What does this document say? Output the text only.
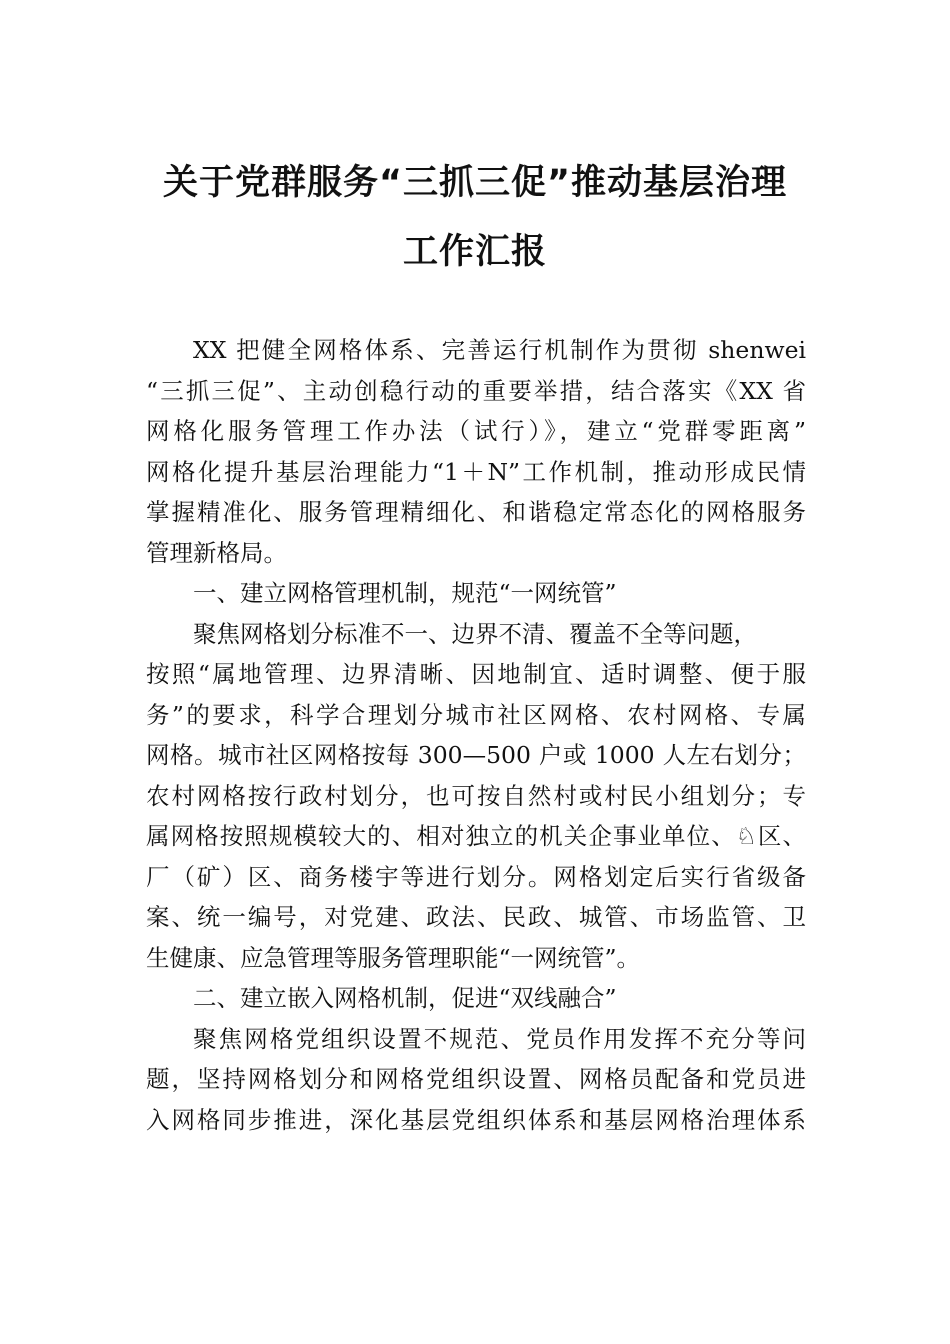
关于党群服务“三抓三促”推动基层治理
工作汇报
XX 把健全网格体系、完善运行机制作为贯彻 shenwei
“三抓三促”、主动创稳行动的重要举措，结合落实《XX 省
网格化服务管理工作办法（试行）》，建立“党群零距离”
网格化提升基层治理能力“1＋N”工作机制，推动形成民情
掌握精准化、服务管理精细化、和谐稳定常态化的网格服务
管理新格局。
一、建立网格管理机制，规范“一网统管”
聚焦网格划分标准不一、边界不清、覆盖不全等问题，
按照“属地管理、边界清晰、因地制宜、适时调整、便于服
务”的要求，科学合理划分城市社区网格、农村网格、专属
网格。城市社区网格按每 300—500 户或 1000 人左右划分；
农村网格按行政村划分，也可按自然村或村民小组划分；专
属网格按照规模较大的、相对独立的机关企事业单位、♘区、
厂（矿）区、商务楼宇等进行划分。网格划定后实行省级备
案、统一编号，对党建、政法、民政、城管、市场监管、卫
生健康、应急管理等服务管理职能“一网统管”。
二、建立嵌入网格机制，促进“双线融合”
聚焦网格党组织设置不规范、党员作用发挥不充分等问
题，坚持网格划分和网格党组织设置、网格员配备和党员进
入网格同步推进，深化基层党组织体系和基层网格治理体系
